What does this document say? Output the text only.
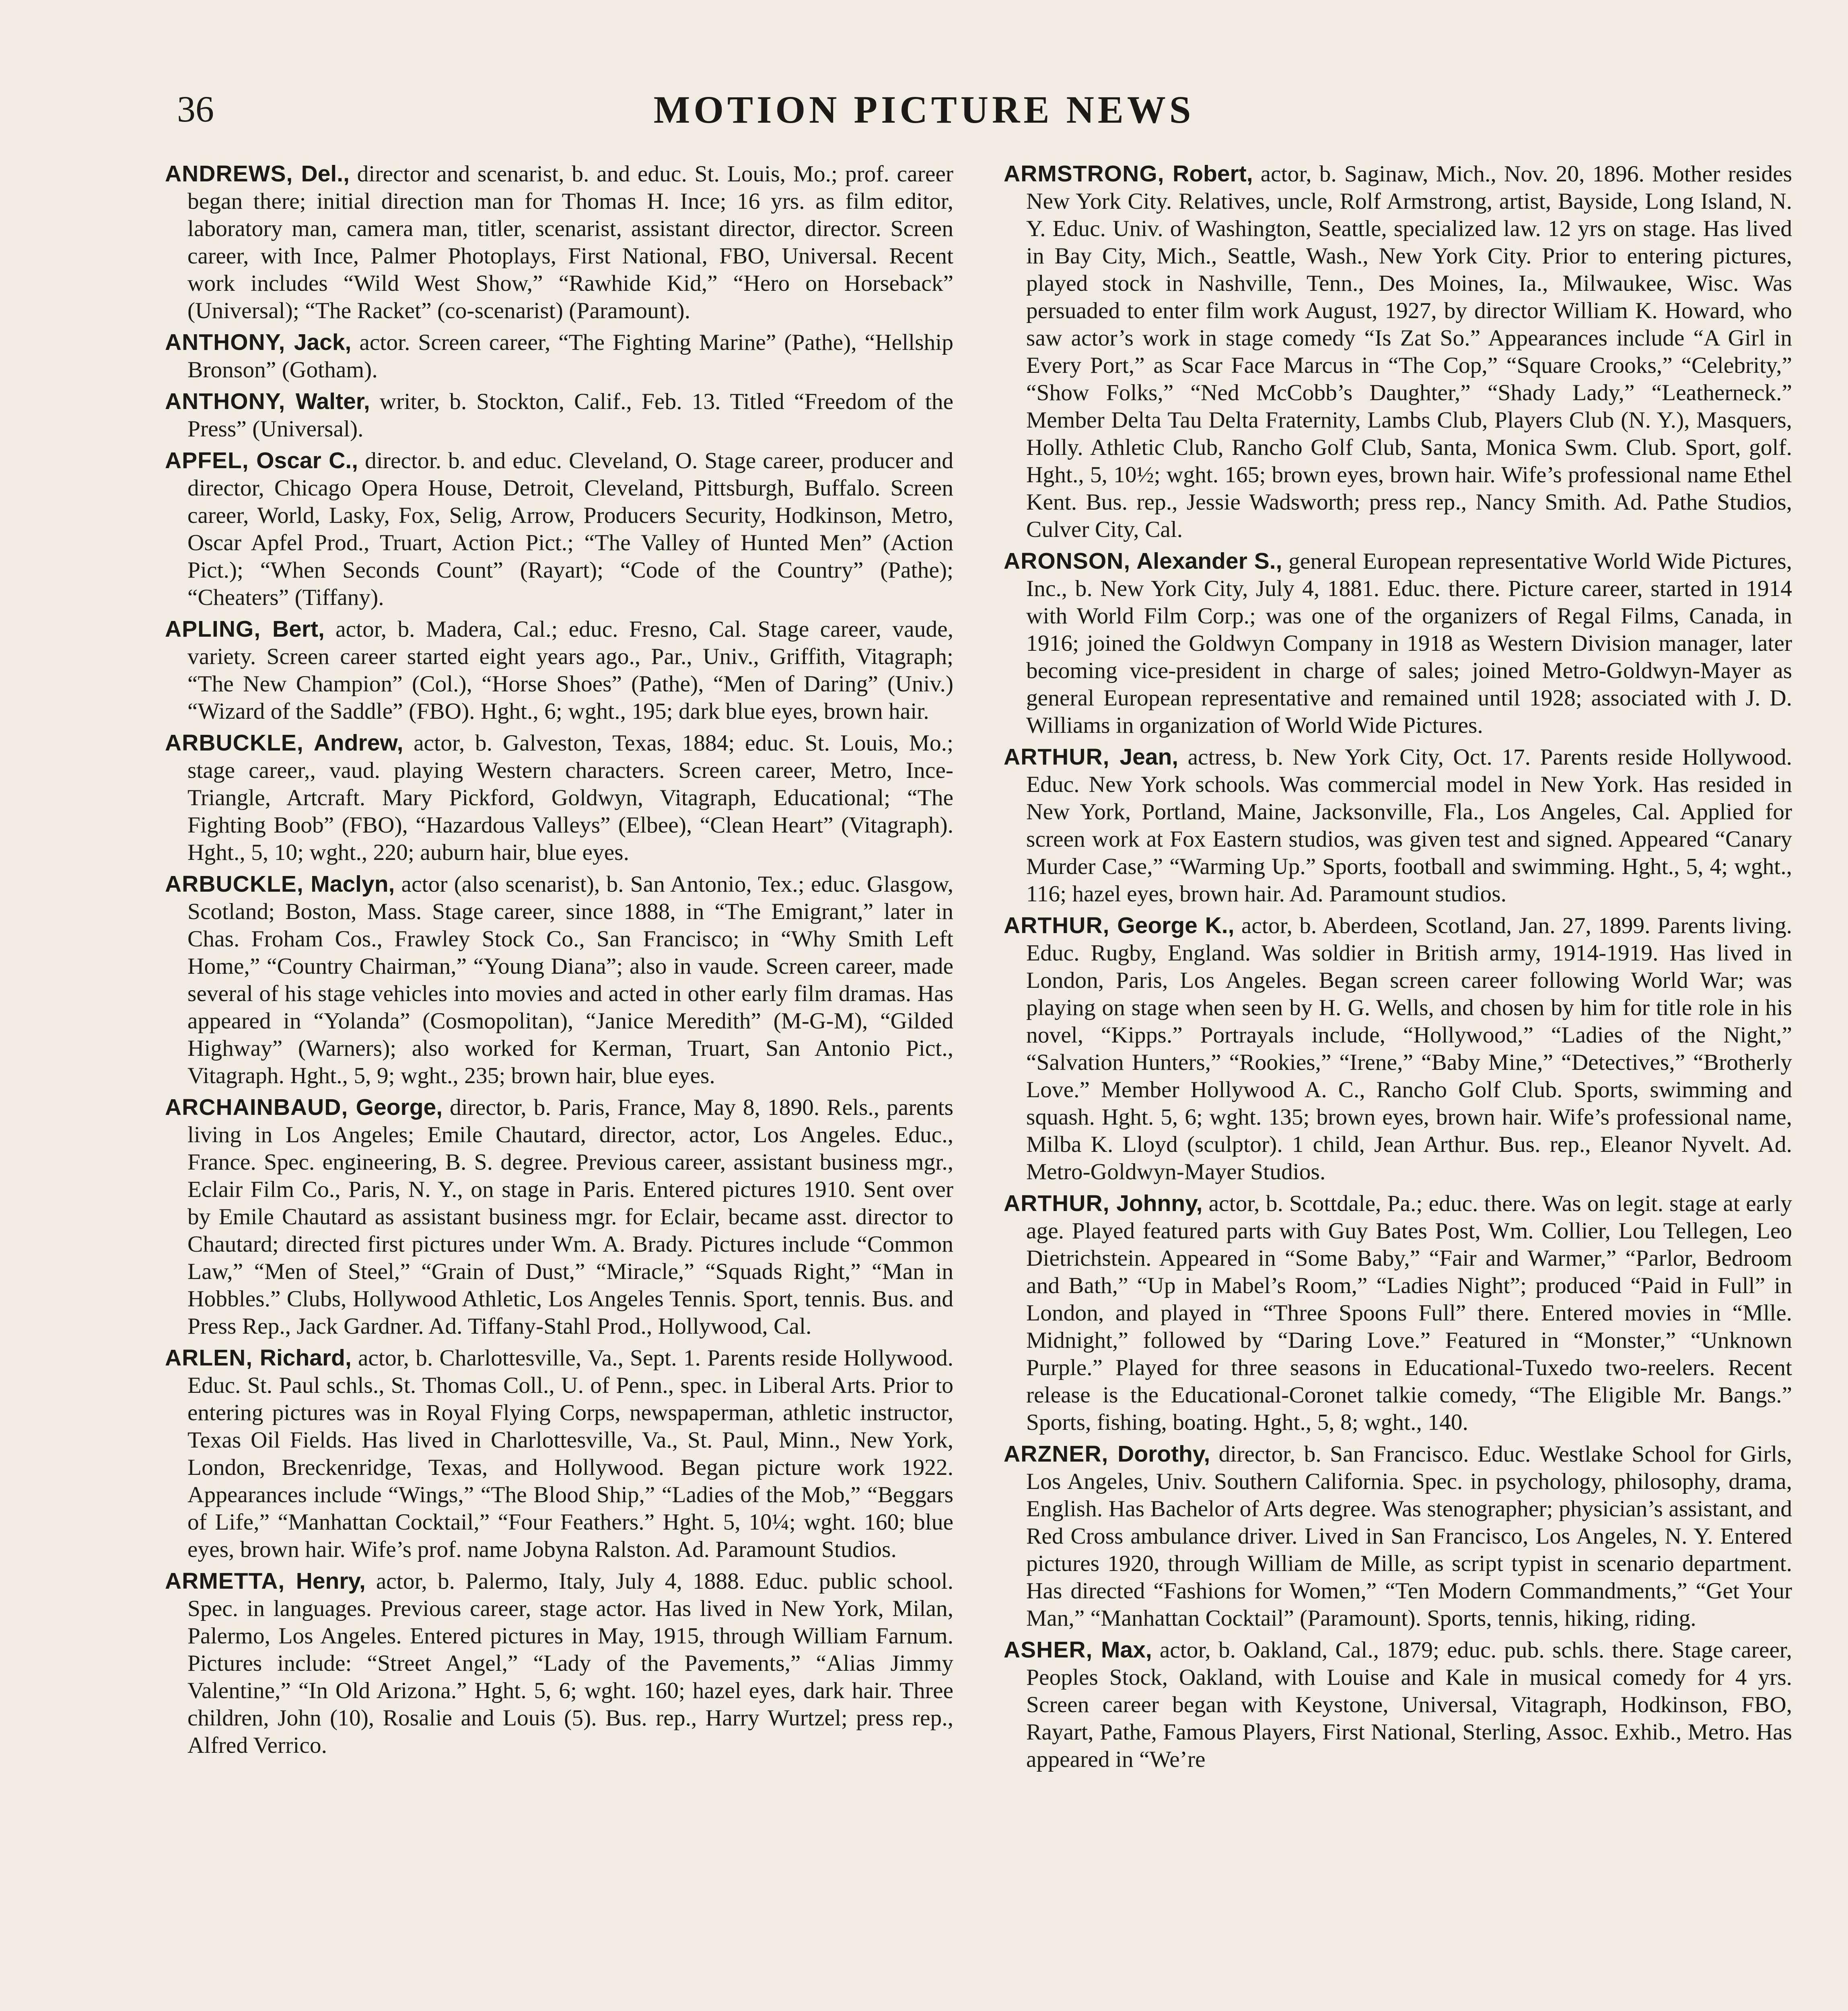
36	MOTION PICTURE NEWS

ANDREWS, Del., director and scenarist, b. and educ. St. Louis, Mo.; prof. career began there; initial direction man for Thomas H. Ince; 16 yrs. as film editor, laboratory man, camera man, titler, scenarist, assistant director, director. Screen career, with Ince, Palmer Photoplays, First National, FBO, Universal. Recent work includes “Wild West Show,” “Rawhide Kid,” “Hero on Horseback” (Universal); “The Racket” (co-scenarist) (Paramount).

ANTHONY, Jack, actor. Screen career, “The Fighting Marine” (Pathe), “Hellship Bronson” (Gotham).

ANTHONY, Walter, writer, b. Stockton, Calif., Feb. 13. Titled “Freedom of the Press” (Universal).

APFEL, Oscar C., director. b. and educ. Cleveland, O. Stage career, producer and director, Chicago Opera House, Detroit, Cleveland, Pittsburgh, Buffalo. Screen career, World, Lasky, Fox, Selig, Arrow, Producers Security, Hodkinson, Metro, Oscar Apfel Prod., Truart, Action Pict.; “The Valley of Hunted Men” (Action Pict.); “When Seconds Count” (Rayart); “Code of the Country” (Pathe); “Cheaters” (Tiffany).

APLING, Bert, actor, b. Madera, Cal.; educ. Fresno, Cal. Stage career, vaude, variety. Screen career started eight years ago., Par., Univ., Griffith, Vitagraph; “The New Champion” (Col.), “Horse Shoes” (Pathe), “Men of Daring” (Univ.) “Wizard of the Saddle” (FBO). Hght., 6; wght., 195; dark blue eyes, brown hair.

ARBUCKLE, Andrew, actor, b. Galveston, Texas, 1884; educ. St. Louis, Mo.; stage career,, vaud. playing Western characters. Screen career, Metro, Ince-Triangle, Artcraft. Mary Pickford, Goldwyn, Vitagraph, Educational; “The Fighting Boob” (FBO), “Hazardous Valleys” (Elbee), “Clean Heart” (Vitagraph). Hght., 5, 10; wght., 220; auburn hair, blue eyes.

ARBUCKLE, Maclyn, actor (also scenarist), b. San Antonio, Tex.; educ. Glasgow, Scotland; Boston, Mass. Stage career, since 1888, in “The Emigrant,” later in Chas. Froham Cos., Frawley Stock Co., San Francisco; in “Why Smith Left Home,” “Country Chairman,” “Young Diana”; also in vaude. Screen career, made several of his stage vehicles into movies and acted in other early film dramas. Has appeared in “Yolanda” (Cosmopolitan), “Janice Meredith” (M-G-M), “Gilded Highway” (Warners); also worked for Kerman, Truart, San Antonio Pict., Vitagraph. Hght., 5, 9; wght., 235; brown hair, blue eyes.

ARCHAINBAUD, George, director, b. Paris, France, May 8, 1890. Rels., parents living in Los Angeles; Emile Chautard, director, actor, Los Angeles. Educ., France. Spec. engineering, B. S. degree. Previous career, assistant business mgr., Eclair Film Co., Paris, N. Y., on stage in Paris. Entered pictures 1910. Sent over by Emile Chautard as assistant business mgr. for Eclair, became asst. director to Chautard; directed first pictures under Wm. A. Brady. Pictures include “Common Law,” “Men of Steel,” “Grain of Dust,” “Miracle,” “Squads Right,” “Man in Hobbles.” Clubs, Hollywood Athletic, Los Angeles Tennis. Sport, tennis. Bus. and Press Rep., Jack Gardner. Ad. Tiffany-Stahl Prod., Hollywood, Cal.

ARLEN, Richard, actor, b. Charlottesville, Va., Sept. 1. Parents reside Hollywood. Educ. St. Paul schls., St. Thomas Coll., U. of Penn., spec. in Liberal Arts. Prior to entering pictures was in Royal Flying Corps, newspaperman, athletic instructor, Texas Oil Fields. Has lived in Charlottesville, Va., St. Paul, Minn., New York, London, Breckenridge, Texas, and Hollywood. Began picture work 1922. Appearances include “Wings,” “The Blood Ship,” “Ladies of the Mob,” “Beggars of Life,” “Manhattan Cocktail,” “Four Feathers.” Hght. 5, 10¼; wght. 160; blue eyes, brown hair. Wife’s prof. name Jobyna Ralston. Ad. Paramount Studios.

ARMETTA, Henry, actor, b. Palermo, Italy, July 4, 1888. Educ. public school. Spec. in languages. Previous career, stage actor. Has lived in New York, Milan, Palermo, Los Angeles. Entered pictures in May, 1915, through William Farnum. Pictures include: “Street Angel,” “Lady of the Pavements,” “Alias Jimmy Valentine,” “In Old Arizona.” Hght. 5, 6; wght. 160; hazel eyes, dark hair. Three children, John (10), Rosalie and Louis (5). Bus. rep., Harry Wurtzel; press rep., Alfred Verrico.

ARMSTRONG, Robert, actor, b. Saginaw, Mich., Nov. 20, 1896. Mother resides New York City. Relatives, uncle, Rolf Armstrong, artist, Bayside, Long Island, N. Y. Educ. Univ. of Washington, Seattle, specialized law. 12 yrs on stage. Has lived in Bay City, Mich., Seattle, Wash., New York City. Prior to entering pictures, played stock in Nashville, Tenn., Des Moines, Ia., Milwaukee, Wisc. Was persuaded to enter film work August, 1927, by director William K. Howard, who saw actor’s work in stage comedy “Is Zat So.” Appearances include “A Girl in Every Port,” as Scar Face Marcus in “The Cop,” “Square Crooks,” “Celebrity,” “Show Folks,” “Ned McCobb’s Daughter,” “Shady Lady,” “Leatherneck.” Member Delta Tau Delta Fraternity, Lambs Club, Players Club (N. Y.), Masquers, Holly. Athletic Club, Rancho Golf Club, Santa, Monica Swm. Club. Sport, golf. Hght., 5, 10½; wght. 165; brown eyes, brown hair. Wife’s professional name Ethel Kent. Bus. rep., Jessie Wadsworth; press rep., Nancy Smith. Ad. Pathe Studios, Culver City, Cal.

ARONSON, Alexander S., general European representative World Wide Pictures, Inc., b. New York City, July 4, 1881. Educ. there. Picture career, started in 1914 with World Film Corp.; was one of the organizers of Regal Films, Canada, in 1916; joined the Goldwyn Company in 1918 as Western Division manager, later becoming vice-president in charge of sales; joined Metro-Goldwyn-Mayer as general European representative and remained until 1928; associated with J. D. Williams in organization of World Wide Pictures.

ARTHUR, Jean, actress, b. New York City, Oct. 17. Parents reside Hollywood. Educ. New York schools. Was commercial model in New York. Has resided in New York, Portland, Maine, Jacksonville, Fla., Los Angeles, Cal. Applied for screen work at Fox Eastern studios, was given test and signed. Appeared “Canary Murder Case,” “Warming Up.” Sports, football and swimming. Hght., 5, 4; wght., 116; hazel eyes, brown hair. Ad. Paramount studios.

ARTHUR, George K., actor, b. Aberdeen, Scotland, Jan. 27, 1899. Parents living. Educ. Rugby, England. Was soldier in British army, 1914-1919. Has lived in London, Paris, Los Angeles. Began screen career following World War; was playing on stage when seen by H. G. Wells, and chosen by him for title role in his novel, “Kipps.” Portrayals include, “Hollywood,” “Ladies of the Night,” “Salvation Hunters,” “Rookies,” “Irene,” “Baby Mine,” “Detectives,” “Brotherly Love.” Member Hollywood A. C., Rancho Golf Club. Sports, swimming and squash. Hght. 5, 6; wght. 135; brown eyes, brown hair. Wife’s professional name, Milba K. Lloyd (sculptor). 1 child, Jean Arthur. Bus. rep., Eleanor Nyvelt. Ad. Metro-Goldwyn-Mayer Studios.

ARTHUR, Johnny, actor, b. Scottdale, Pa.; educ. there. Was on legit. stage at early age. Played featured parts with Guy Bates Post, Wm. Collier, Lou Tellegen, Leo Dietrichstein. Appeared in “Some Baby,” “Fair and Warmer,” “Parlor, Bedroom and Bath,” “Up in Mabel’s Room,” “Ladies Night”; produced “Paid in Full” in London, and played in “Three Spoons Full” there. Entered movies in “Mlle. Midnight,” followed by “Daring Love.” Featured in “Monster,” “Unknown Purple.” Played for three seasons in Educational-Tuxedo two-reelers. Recent release is the Educational-Coronet talkie comedy, “The Eligible Mr. Bangs.” Sports, fishing, boating. Hght., 5, 8; wght., 140.

ARZNER, Dorothy, director, b. San Francisco. Educ. Westlake School for Girls, Los Angeles, Univ. Southern California. Spec. in psychology, philosophy, drama, English. Has Bachelor of Arts degree. Was stenographer; physician’s assistant, and Red Cross ambulance driver. Lived in San Francisco, Los Angeles, N. Y. Entered pictures 1920, through William de Mille, as script typist in scenario department. Has directed “Fashions for Women,” “Ten Modern Commandments,” “Get Your Man,” “Manhattan Cocktail” (Paramount). Sports, tennis, hiking, riding.

ASHER, Max, actor, b. Oakland, Cal., 1879; educ. pub. schls. there. Stage career, Peoples Stock, Oakland, with Louise and Kale in musical comedy for 4 yrs. Screen career began with Keystone, Universal, Vitagraph, Hodkinson, FBO, Rayart, Pathe, Famous Players, First National, Sterling, Assoc. Exhib., Metro. Has appeared in “We’re
